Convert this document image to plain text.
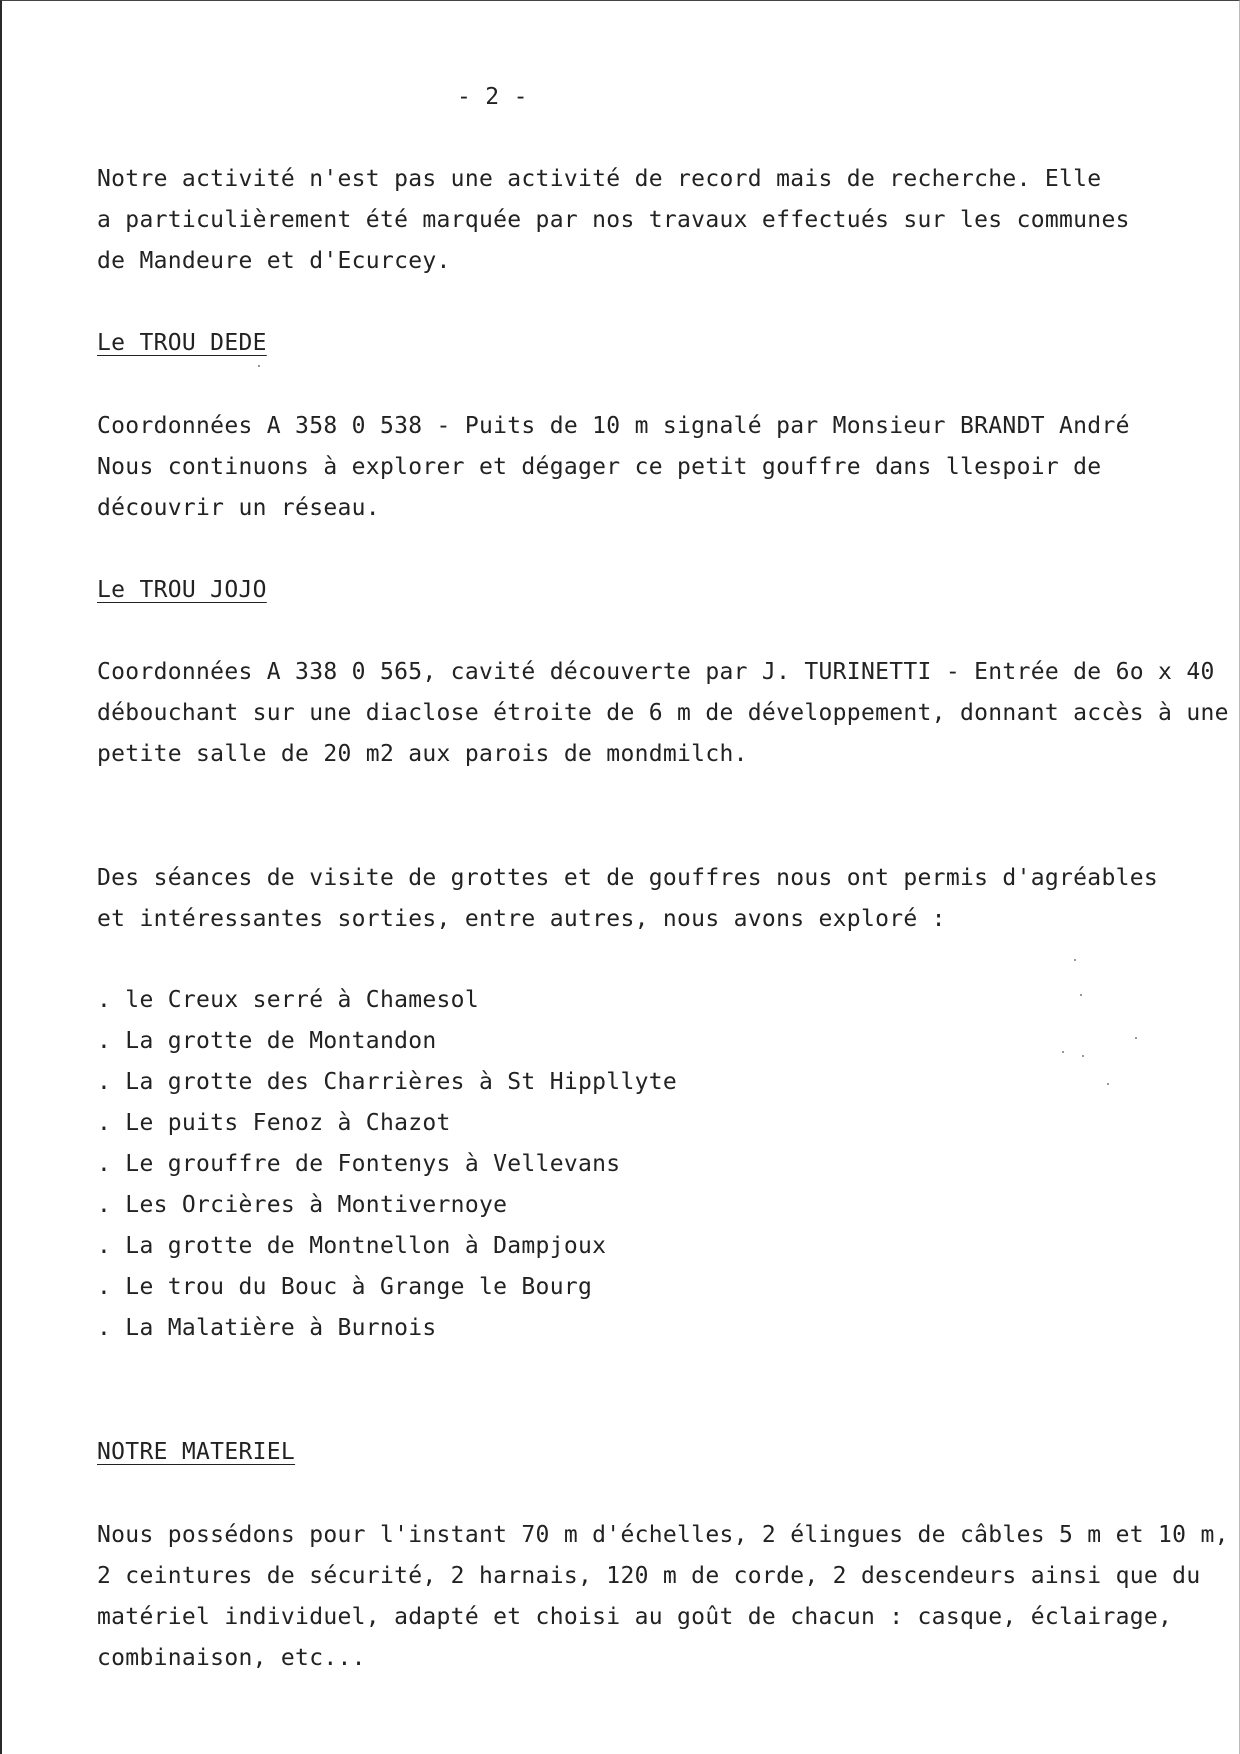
- 2 -
Notre activité n'est pas une activité de record mais de recherche. Elle
a particulièrement été marquée par nos travaux effectués sur les communes
de Mandeure et d'Ecurcey.
Le TROU DEDE
Coordonnées A 358 0 538 - Puits de 10 m signalé par Monsieur BRANDT André
Nous continuons à explorer et dégager ce petit gouffre dans llespoir de
découvrir un réseau.
Le TROU JOJO
Coordonnées A 338 0 565, cavité découverte par J. TURINETTI - Entrée de 6o x 40
débouchant sur une diaclose étroite de 6 m de développement, donnant accès à une
petite salle de 20 m2 aux parois de mondmilch.
Des séances de visite de grottes et de gouffres nous ont permis d'agréables
et intéressantes sorties, entre autres, nous avons exploré :
. le Creux serré à Chamesol
. La grotte de Montandon
. La grotte des Charrières à St Hippllyte
. Le puits Fenoz à Chazot
. Le grouffre de Fontenys à Vellevans
. Les Orcières à Montivernoye
. La grotte de Montnellon à Dampjoux
. Le trou du Bouc à Grange le Bourg
. La Malatière à Burnois
NOTRE MATERIEL
Nous possédons pour l'instant 70 m d'échelles, 2 élingues de câbles 5 m et 10 m,
2 ceintures de sécurité, 2 harnais, 120 m de corde, 2 descendeurs ainsi que du
matériel individuel, adapté et choisi au goût de chacun : casque, éclairage,
combinaison, etc...
